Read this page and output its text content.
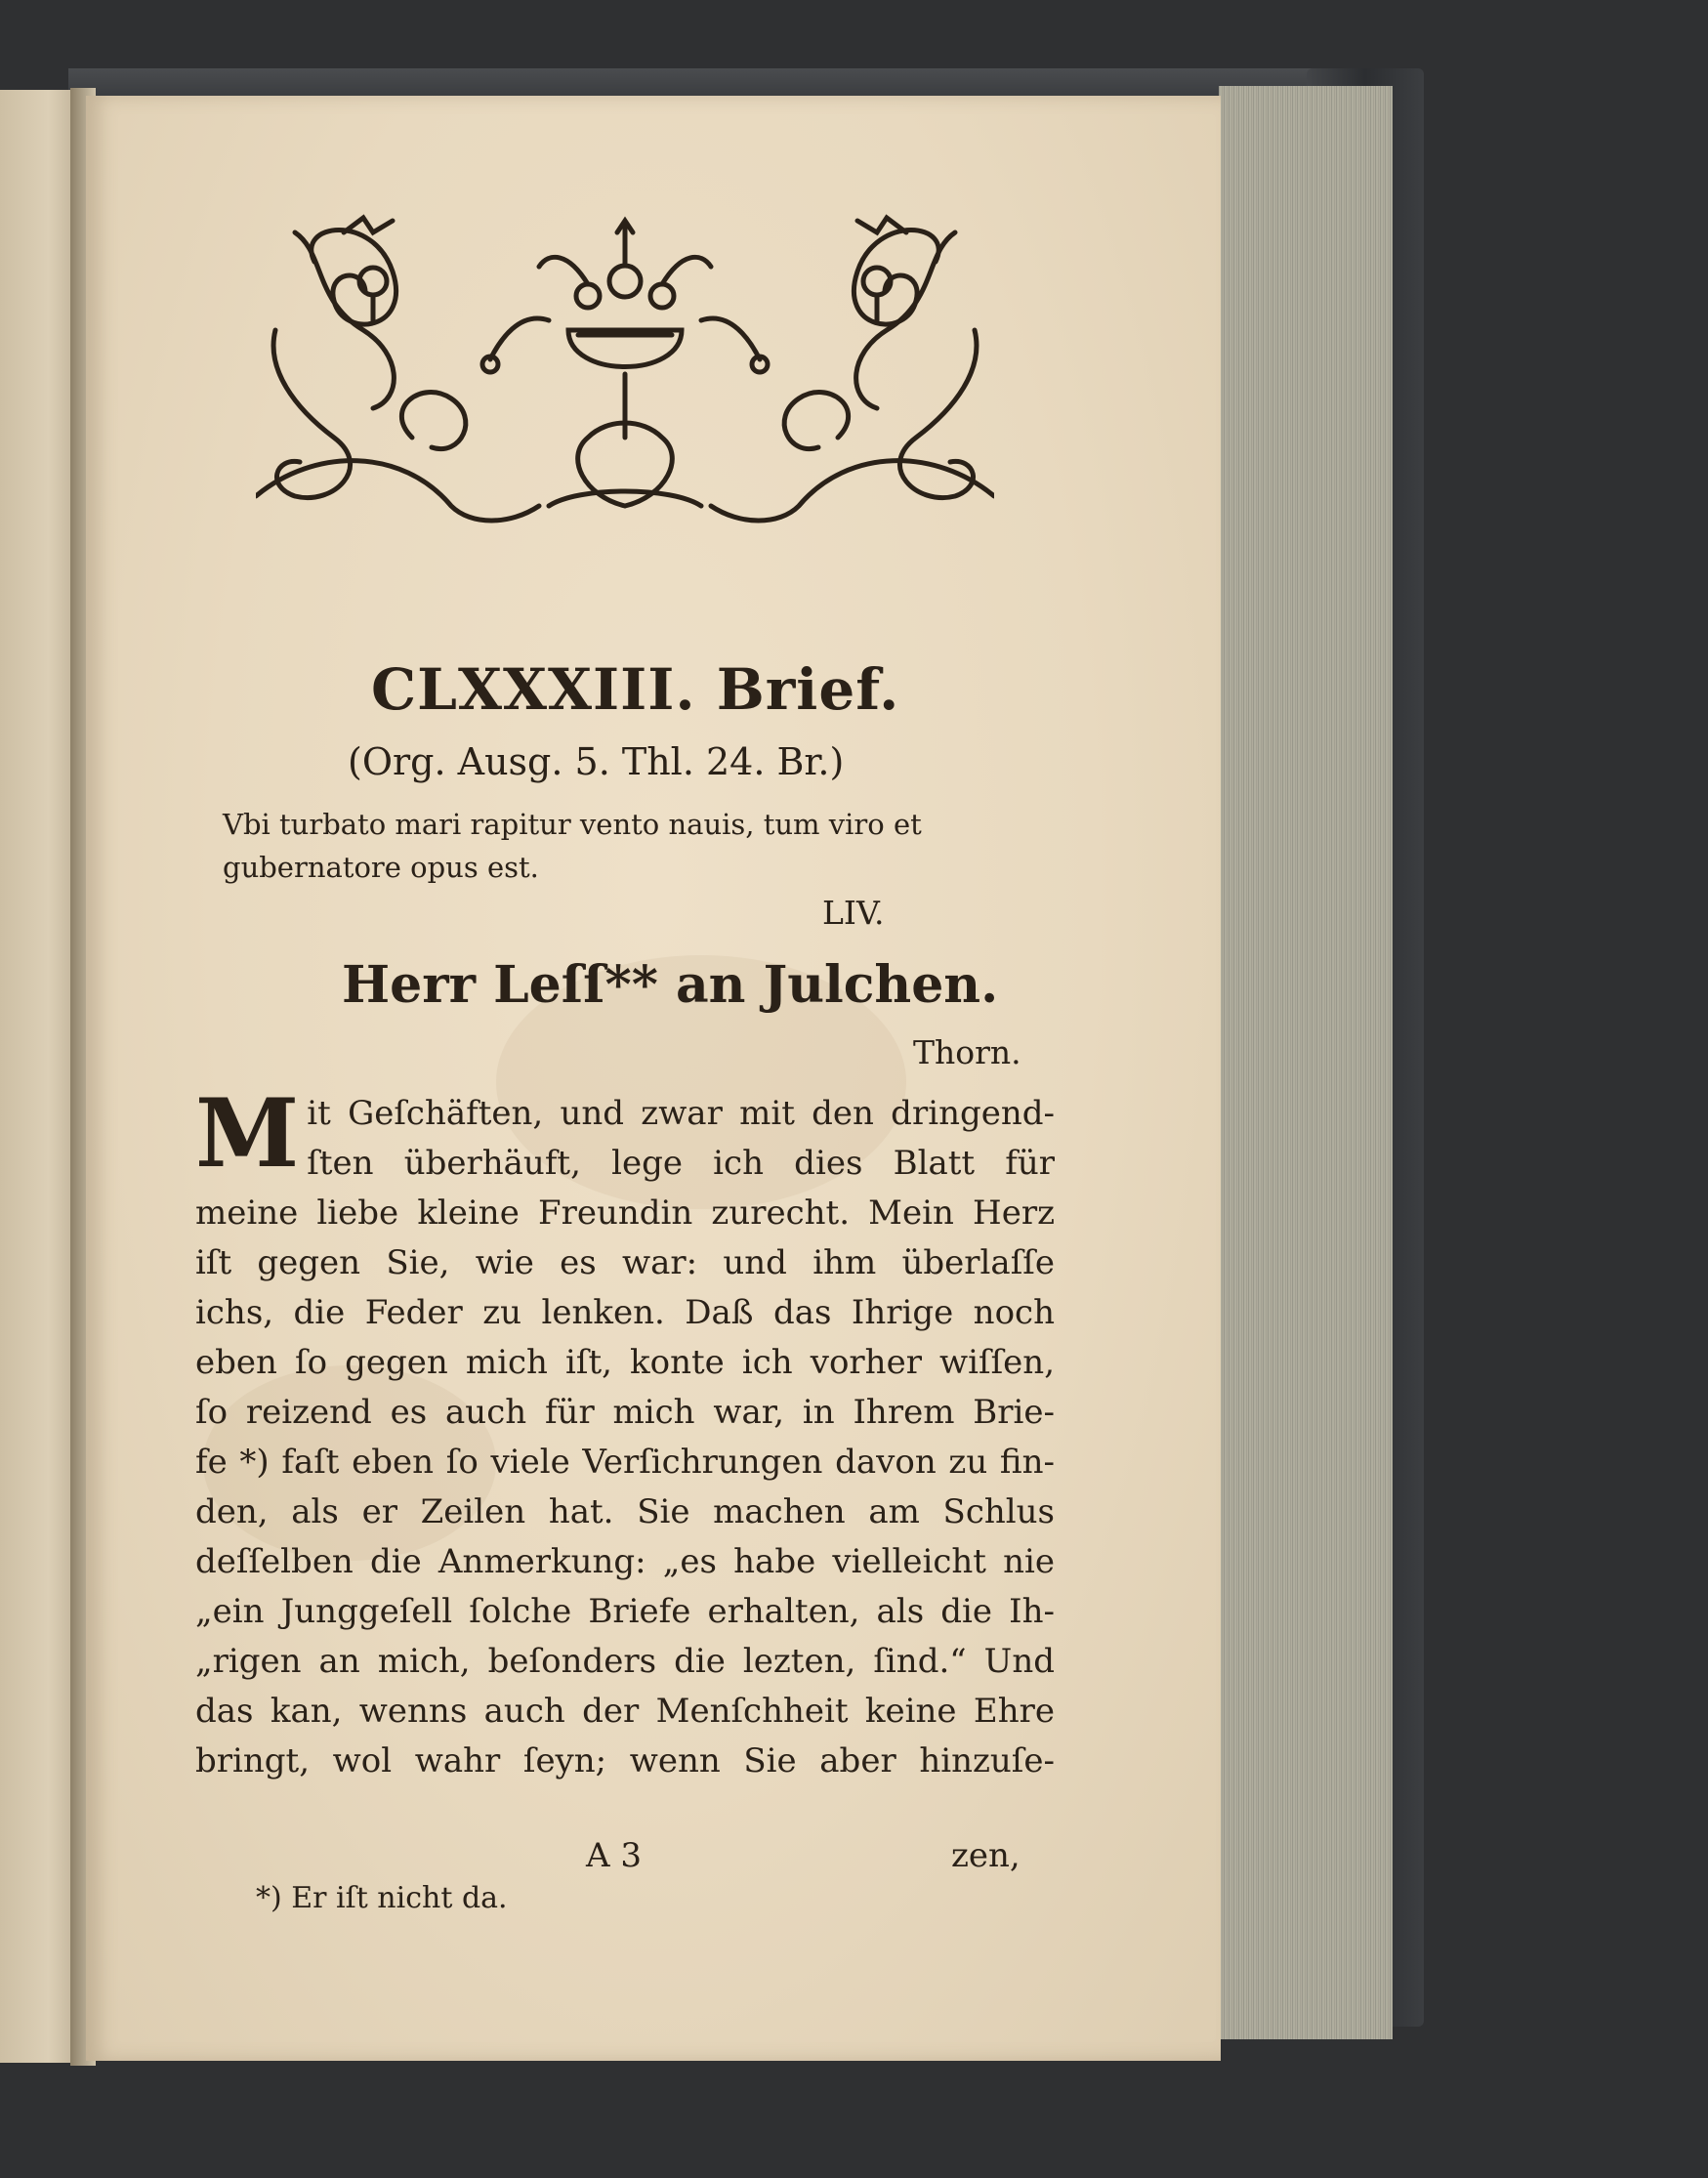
CLXXXIII. Brief.
(Org. Ausg. 5. Thl. 24. Br.)
Vbi turbato mari rapitur vento nauis, tum viro et gubernatore opus est.
LIV.
Herr Leſſ** an Julchen.
Thorn.
M it Geſchäften, und zwar mit den dringend-
ſten überhäuft, lege ich dies Blatt für
meine liebe kleine Freundin zurecht. Mein Herz
iſt gegen Sie, wie es war: und ihm überlaſſe
ichs, die Feder zu lenken. Daß das Ihrige noch
eben ſo gegen mich iſt, konte ich vorher wiſſen,
ſo reizend es auch für mich war, in Ihrem Brie-
fe *) faſt eben ſo viele Verſichrungen davon zu fin-
den, als er Zeilen hat. Sie machen am Schlus
deſſelben die Anmerkung: „es habe vielleicht nie
„ein Junggeſell ſolche Briefe erhalten, als die Ih-
„rigen an mich, beſonders die lezten, ſind.“ Und
das kan, wenns auch der Menſchheit keine Ehre
bringt, wol wahr ſeyn; wenn Sie aber hinzuſe-
A 3	zen,
*) Er iſt nicht da.
